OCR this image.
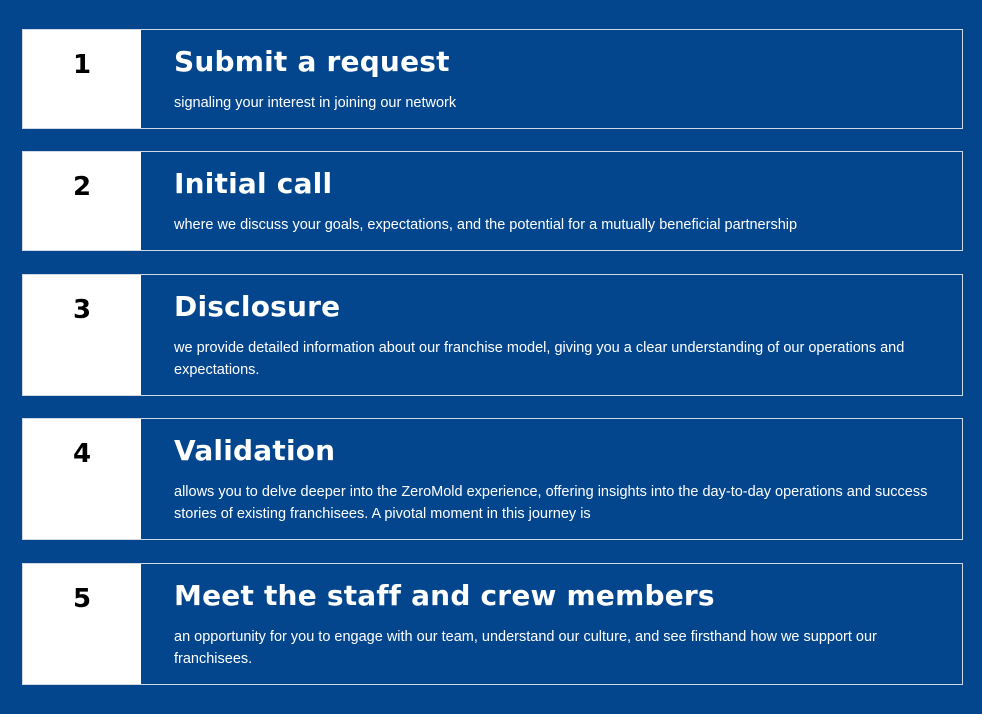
1	Submit a request
signaling your interest in joining our network
2	Initial call
where we discuss your goals, expectations, and the potential for a mutually beneficial partnership
3	Disclosure
we provide detailed information about our franchise model, giving you a clear understanding of our operations and expectations.
4	Validation
allows you to delve deeper into the ZeroMold experience, offering insights into the day-to-day operations and success stories of existing franchisees. A pivotal moment in this journey is
5	Meet the staff and crew members
an opportunity for you to engage with our team, understand our culture, and see firsthand how we support our franchisees.
